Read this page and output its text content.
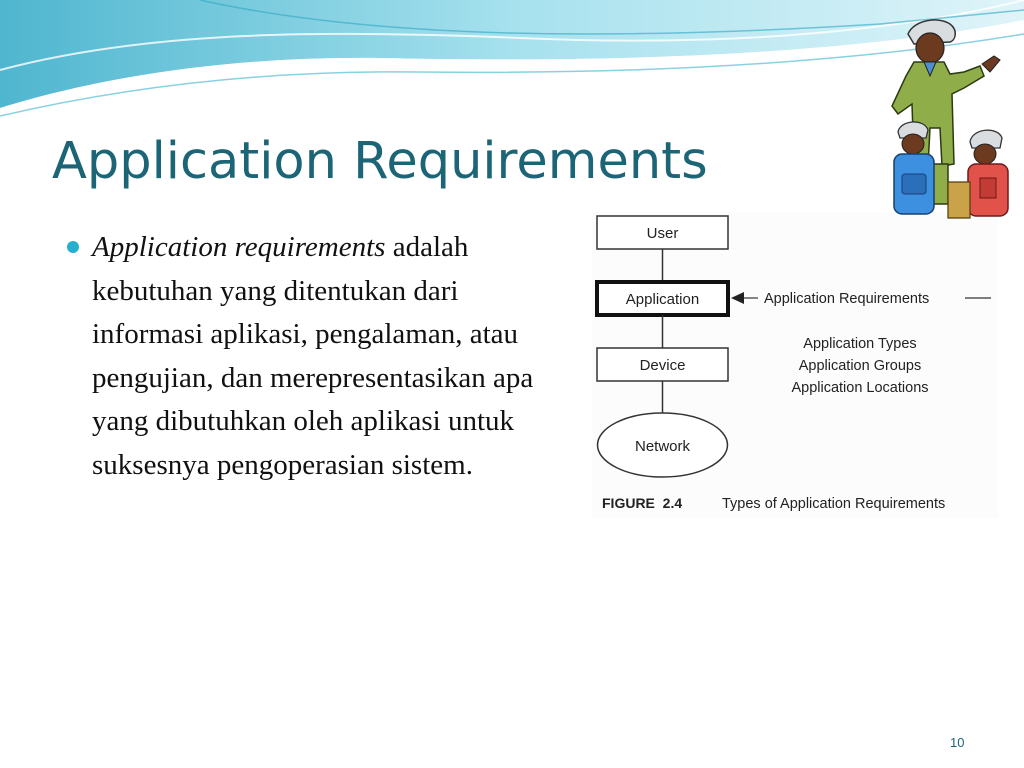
Application Requirements
Application requirements adalah kebutuhan yang ditentukan dari informasi aplikasi, pengalaman, atau pengujian, dan merepresentasikan apa yang dibutuhkan oleh aplikasi untuk suksesnya pengoperasian sistem.
User
Application
Device
Network
Application Requirements
Application Types
Application Groups
Application Locations
FIGURE  2.4	Types of Application Requirements
10
